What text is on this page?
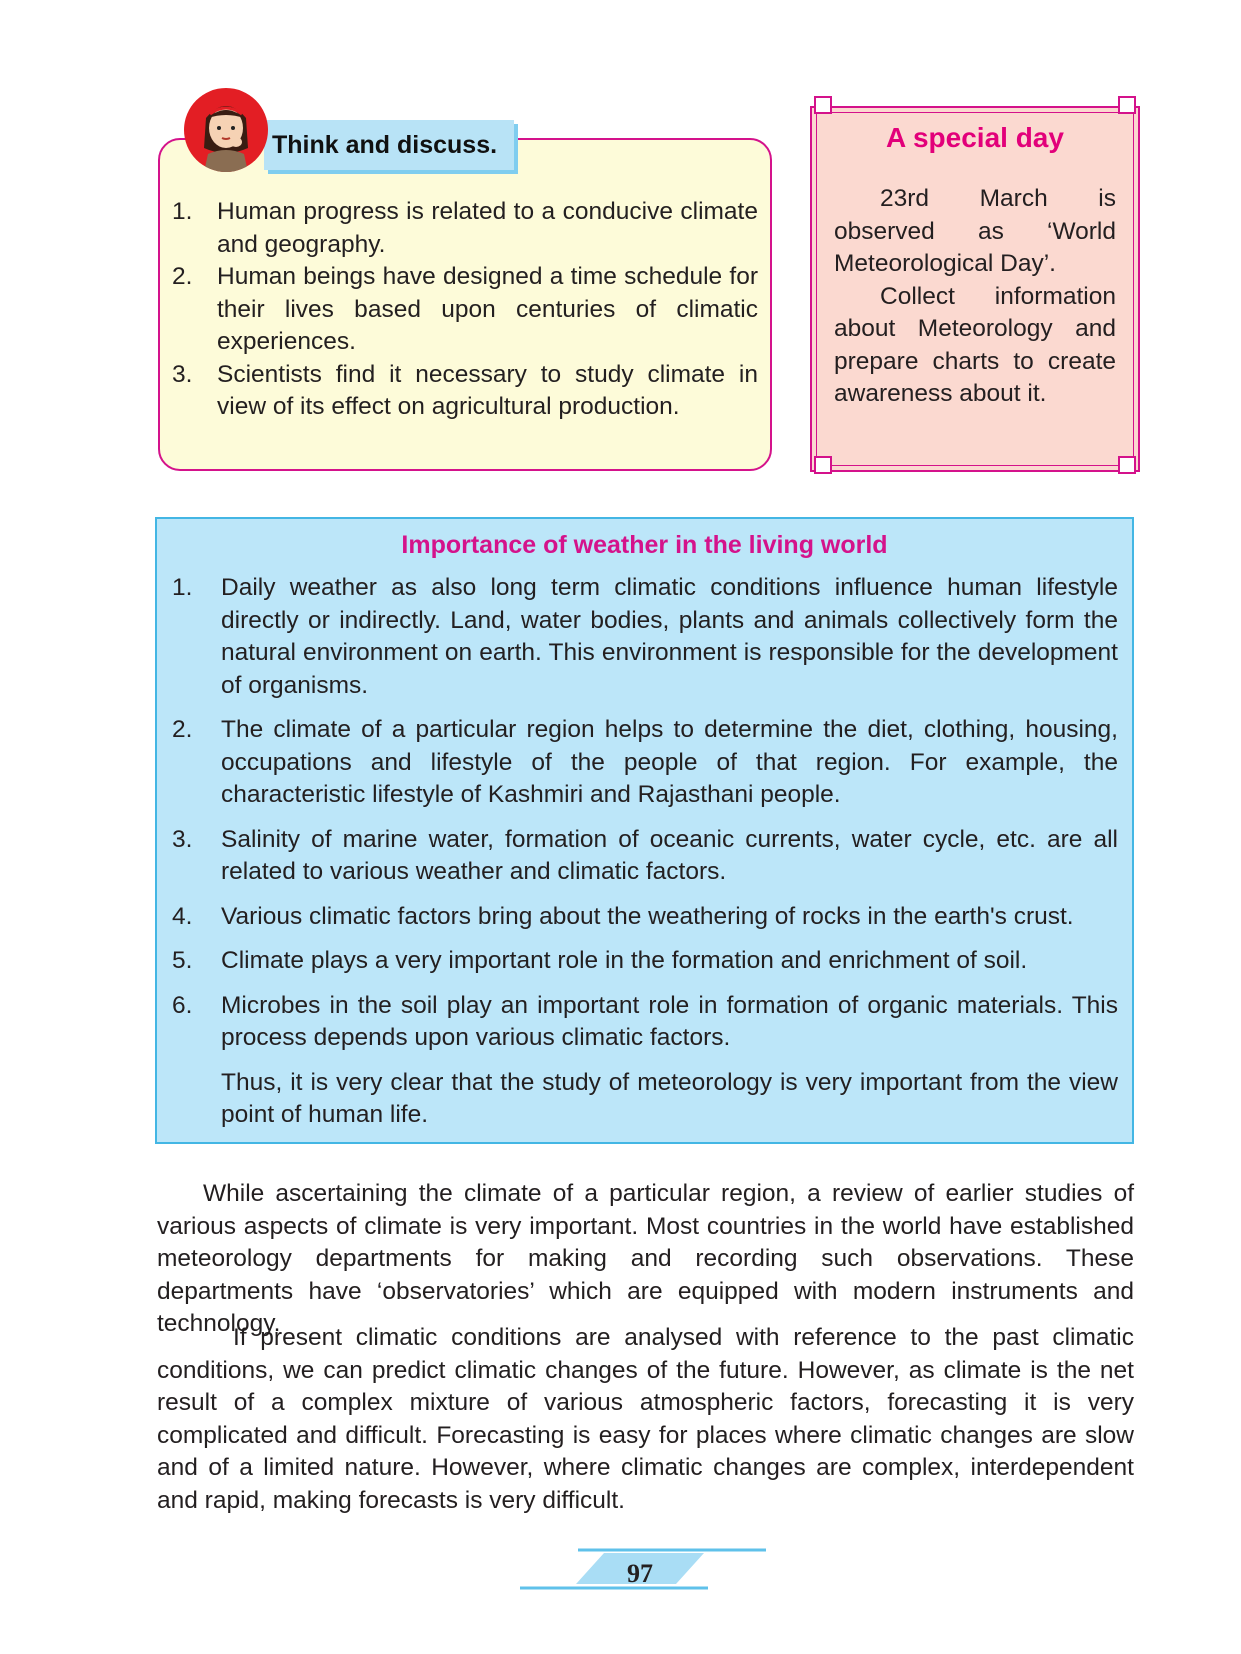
Think and discuss.
1.	Human progress is related to a conducive climate and geography.
2.	Human beings have designed a time schedule for their lives based upon centuries of climatic experiences.
3.	Scientists find it necessary to study climate in view of its effect on agricultural production.
A special day

23rd March is observed as ‘World Meteorological Day’.

Collect information about Meteorology and prepare charts to create awareness about it.

Importance of weather in the living world
1.	Daily weather as also long term climatic conditions influence human lifestyle directly or indirectly. Land, water bodies, plants and animals collectively form the natural environment on earth. This environment is responsible for the development of organisms.
2.	The climate of a particular region helps to determine the diet, clothing, housing, occupations and lifestyle of the people of that region. For example, the characteristic lifestyle of Kashmiri and Rajasthani people.
3.	Salinity of marine water, formation of oceanic currents, water cycle, etc. are all related to various weather and climatic factors.
4.	Various climatic factors bring about the weathering of rocks in the earth's crust.
5.	Climate plays a very important role in the formation and enrichment of soil.
6.	Microbes in the soil play an important role in formation of organic materials. This process depends upon various climatic factors.
Thus, it is very clear that the study of meteorology is very important from the view point of human life.
While ascertaining the climate of a particular region, a review of earlier studies of various aspects of climate is very important. Most countries in the world have established meteorology departments for making and recording such observations. These departments have ‘observatories’ which are equipped with modern instruments and technology.
If present climatic conditions are analysed with reference to the past climatic conditions, we can predict climatic changes of the future. However, as climate is the net result of a complex mixture of various atmospheric factors, forecasting it is very complicated and difficult. Forecasting is easy for places where climatic changes are slow and of a limited nature. However, where climatic changes are complex, interdependent and rapid, making forecasts is very difficult.
97
